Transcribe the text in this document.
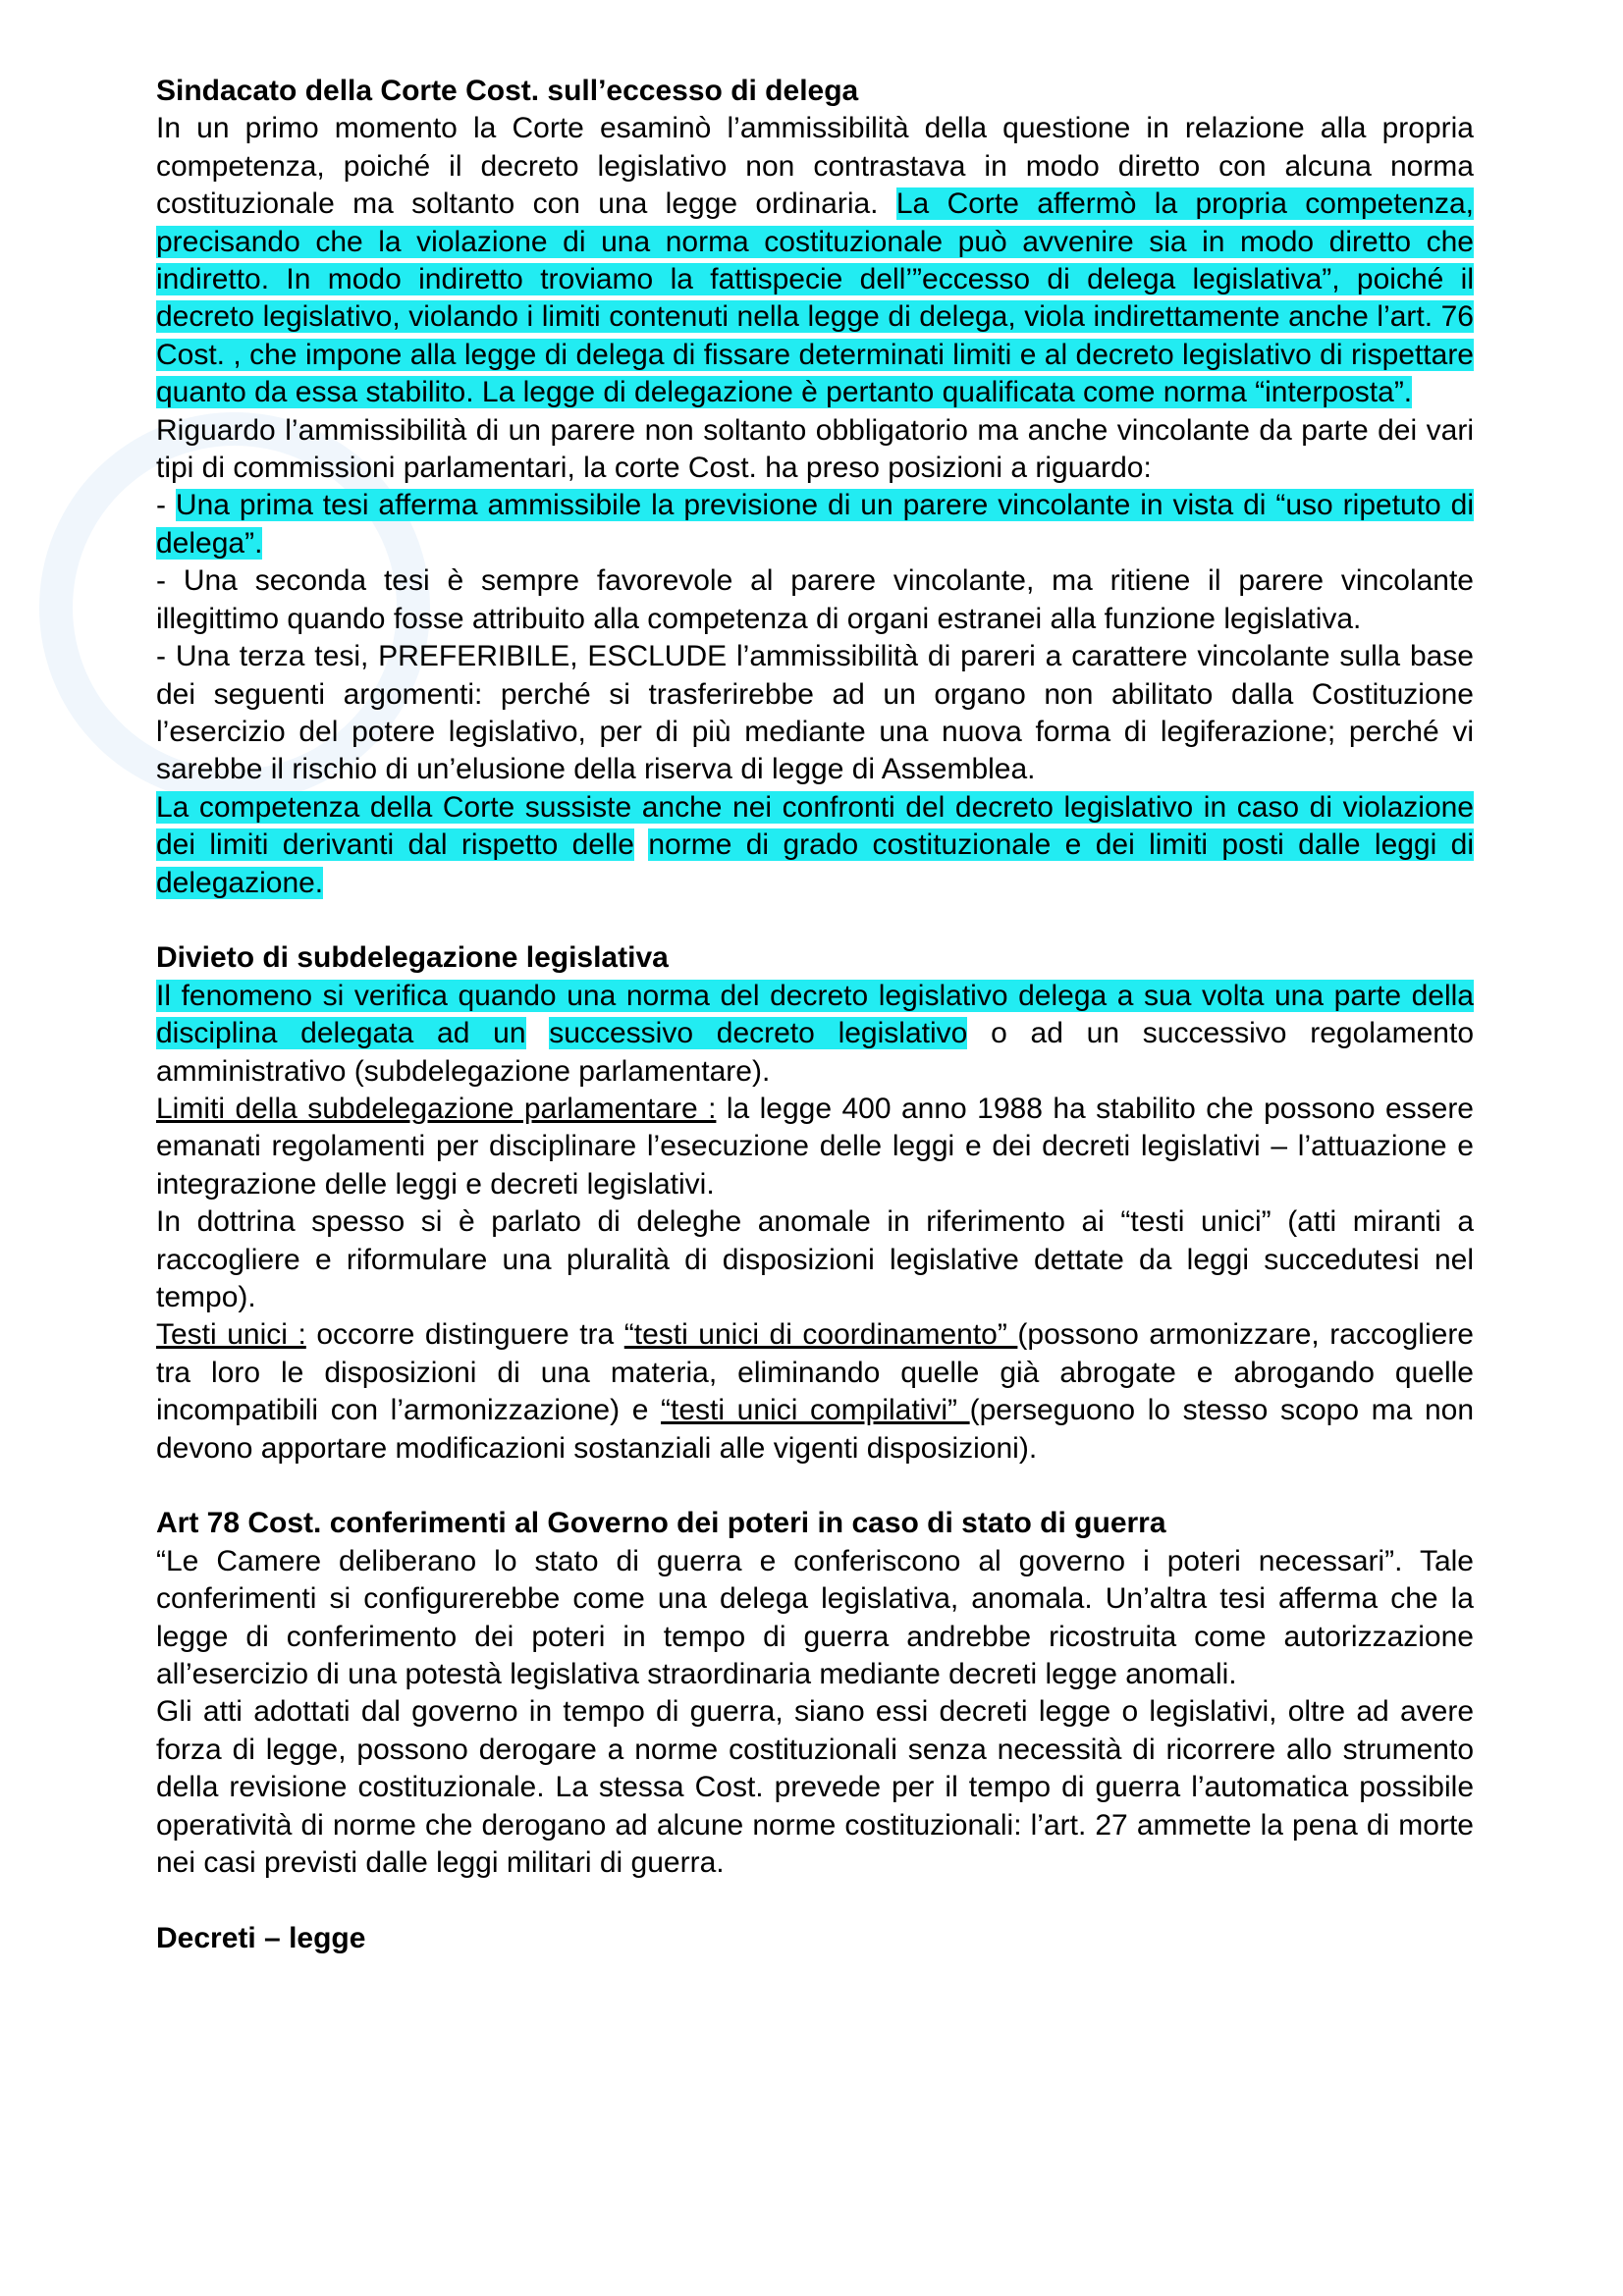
Sindacato della Corte Cost. sull’eccesso di delega

In un primo momento la Corte esaminò l’ammissibilità della questione in relazione alla propria competenza, poiché il decreto legislativo non contrastava in modo diretto con alcuna norma costituzionale ma soltanto con una legge ordinaria. La Corte affermò la propria competenza, precisando che la violazione di una norma costituzionale può avvenire sia in modo diretto che indiretto. In modo indiretto troviamo la fattispecie dell’”eccesso di delega legislativa”, poiché il decreto legislativo, violando i limiti contenuti nella legge di delega, viola indirettamente anche l’art. 76 Cost. , che impone alla legge di delega di fissare determinati limiti e al decreto legislativo di rispettare quanto da essa stabilito. La legge di delegazione è pertanto qualificata come norma “interposta”.

Riguardo l’ammissibilità di un parere non soltanto obbligatorio ma anche vincolante da parte dei vari tipi di commissioni parlamentari, la corte Cost. ha preso posizioni a riguardo:

- Una prima tesi afferma ammissibile la previsione di un parere vincolante in vista di “uso ripetuto di delega”.

- Una seconda tesi è sempre favorevole al parere vincolante, ma ritiene il parere vincolante illegittimo quando fosse attribuito alla competenza di organi estranei alla funzione legislativa.

- Una terza tesi, PREFERIBILE, ESCLUDE l’ammissibilità di pareri a carattere vincolante sulla base dei seguenti argomenti: perché si trasferirebbe ad un organo non abilitato dalla Costituzione l’esercizio del potere legislativo, per di più mediante una nuova forma di legiferazione; perché vi sarebbe il rischio di un’elusione della riserva di legge di Assemblea.

La competenza della Corte sussiste anche nei confronti del decreto legislativo in caso di violazione dei limiti derivanti dal rispetto delle norme di grado costituzionale e dei limiti posti dalle leggi di delegazione.

Divieto di subdelegazione legislativa

Il fenomeno si verifica quando una norma del decreto legislativo delega a sua volta una parte della disciplina delegata ad un successivo decreto legislativo o ad un successivo regolamento amministrativo (subdelegazione parlamentare).

Limiti della subdelegazione parlamentare : la legge 400 anno 1988 ha stabilito che possono essere emanati regolamenti per disciplinare l’esecuzione delle leggi e dei decreti legislativi – l’attuazione e integrazione delle leggi e decreti legislativi.

In dottrina spesso si è parlato di deleghe anomale in riferimento ai “testi unici” (atti miranti a raccogliere e riformulare una pluralità di disposizioni legislative dettate da leggi succedutesi nel tempo).

Testi unici : occorre distinguere tra “testi unici di coordinamento” (possono armonizzare, raccogliere tra loro le disposizioni di una materia, eliminando quelle già abrogate e abrogando quelle incompatibili con l’armonizzazione) e “testi unici compilativi” (perseguono lo stesso scopo ma non devono apportare modificazioni sostanziali alle vigenti disposizioni).

Art 78 Cost. conferimenti al Governo dei poteri in caso di stato di guerra

“Le Camere deliberano lo stato di guerra e conferiscono al governo i poteri necessari”. Tale conferimenti si configurerebbe come una delega legislativa, anomala. Un’altra tesi afferma che la legge di conferimento dei poteri in tempo di guerra andrebbe ricostruita come autorizzazione all’esercizio di una potestà legislativa straordinaria mediante decreti legge anomali.

Gli atti adottati dal governo in tempo di guerra, siano essi decreti legge o legislativi, oltre ad avere forza di legge, possono derogare a norme costituzionali senza necessità di ricorrere allo strumento della revisione costituzionale. La stessa Cost. prevede per il tempo di guerra l’automatica possibile operatività di norme che derogano ad alcune norme costituzionali: l’art. 27 ammette la pena di morte nei casi previsti dalle leggi militari di guerra.

Decreti – legge
